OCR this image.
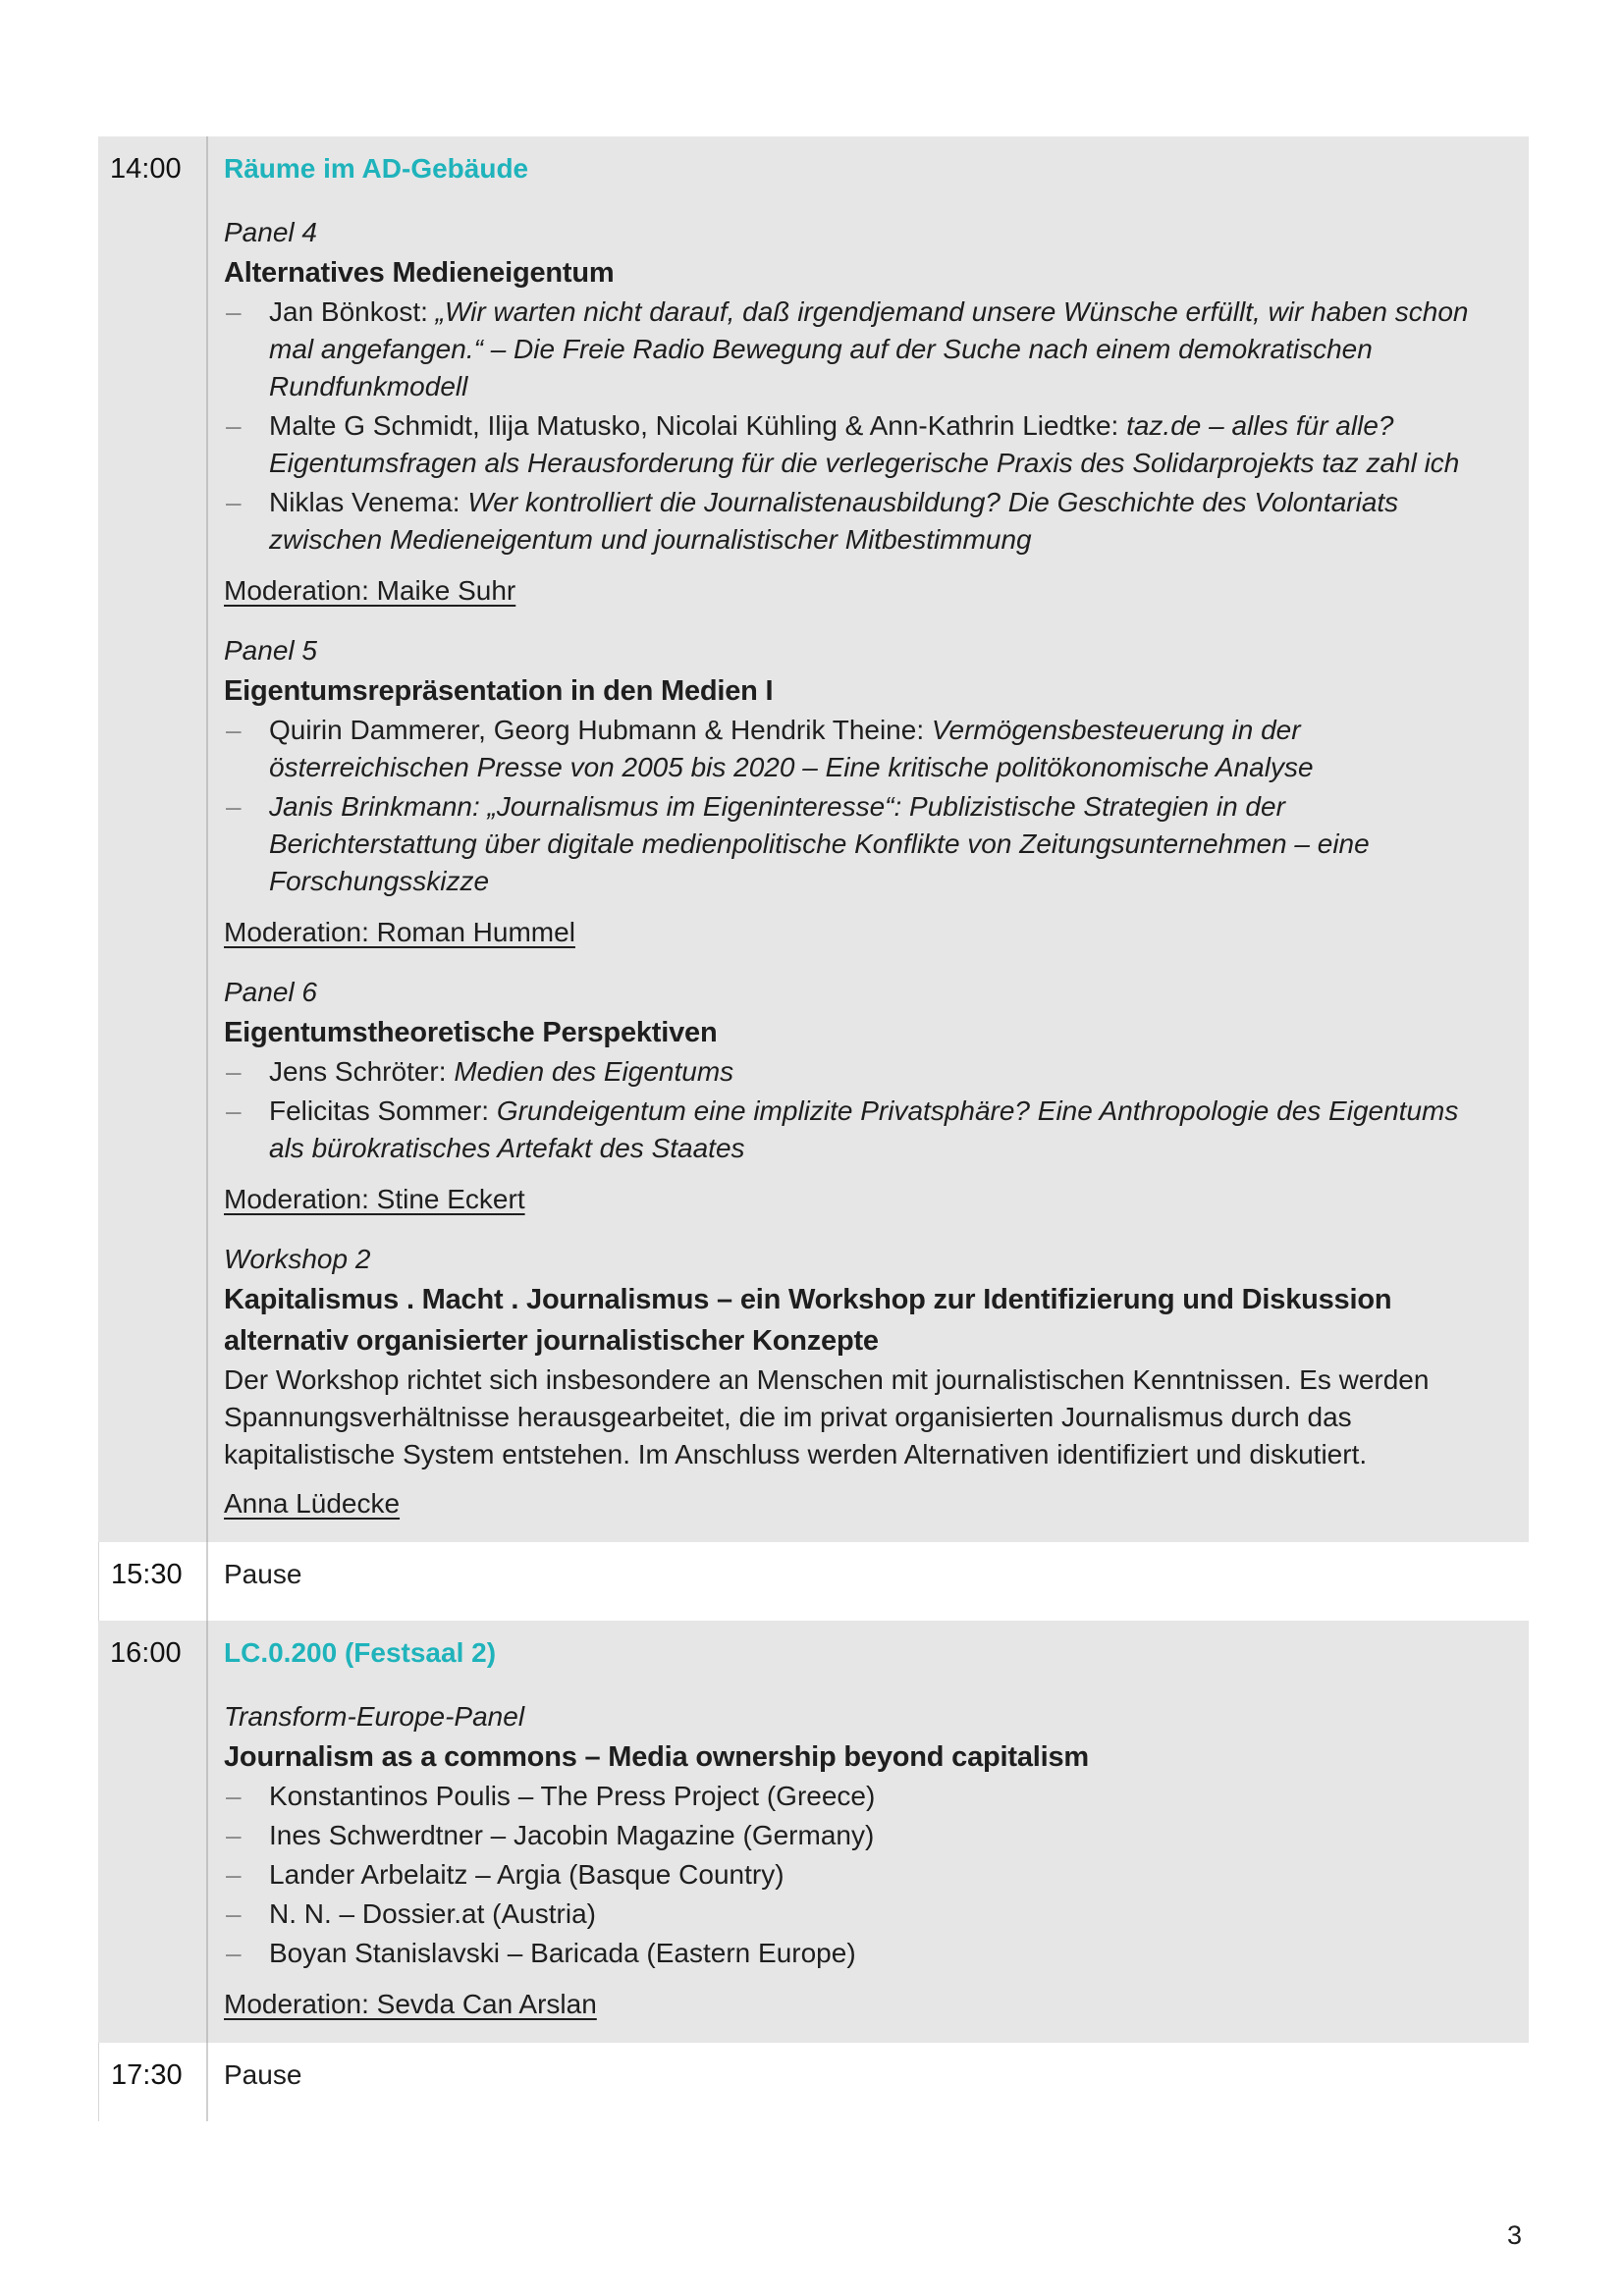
14:00	Räume im AD-Gebäude

Panel 4

Alternatives Medieneigentum
–	Jan Bönkost: „Wir warten nicht darauf, daß irgendjemand unsere Wünsche erfüllt, wir haben schon mal angefangen.“ – Die Freie Radio Bewegung auf der Suche nach einem demokratischen Rundfunkmodell
–	Malte G Schmidt, Ilija Matusko, Nicolai Kühling & Ann-Kathrin Liedtke: taz.de – alles für alle? Eigentumsfragen als Herausforderung für die verlegerische Praxis des Solidarprojekts taz zahl ich
–	Niklas Venema: Wer kontrolliert die Journalistenausbildung? Die Geschichte des Volontariats zwischen Medieneigentum und journalistischer Mitbestimmung

Moderation: Maike Suhr

Panel 5

Eigentumsrepräsentation in den Medien I
–	Quirin Dammerer, Georg Hubmann & Hendrik Theine: Vermögensbesteuerung in der österreichischen Presse von 2005 bis 2020 – Eine kritische politökonomische Analyse
–	Janis Brinkmann: „Journalismus im Eigeninteresse“: Publizistische Strategien in der Berichterstattung über digitale medienpolitische Konflikte von Zeitungsunternehmen – eine Forschungsskizze

Moderation: Roman Hummel

Panel 6

Eigentumstheoretische Perspektiven
–	Jens Schröter: Medien des Eigentums
–	Felicitas Sommer: Grundeigentum eine implizite Privatsphäre? Eine Anthropologie des Eigentums als bürokratisches Artefakt des Staates

Moderation: Stine Eckert

Workshop 2

Kapitalismus . Macht . Journalismus – ein Workshop zur Identifizierung und Diskussion alternativ organisierter journalistischer Konzepte

Der Workshop richtet sich insbesondere an Menschen mit journalistischen Kenntnissen. Es werden Spannungsverhältnisse herausgearbeitet, die im privat organisierten Journalismus durch das kapitalistische System entstehen. Im Anschluss werden Alternativen identifiziert und diskutiert.

Anna Lüdecke

15:30	Pause
16:00	LC.0.200 (Festsaal 2)

Transform-Europe-Panel

Journalism as a commons – Media ownership beyond capitalism
–	Konstantinos Poulis – The Press Project (Greece)
–	Ines Schwerdtner – Jacobin Magazine (Germany)
–	Lander Arbelaitz – Argia (Basque Country)
–	N. N. – Dossier.at (Austria)
–	Boyan Stanislavski – Baricada (Eastern Europe)

Moderation: Sevda Can Arslan

17:30	Pause
3
